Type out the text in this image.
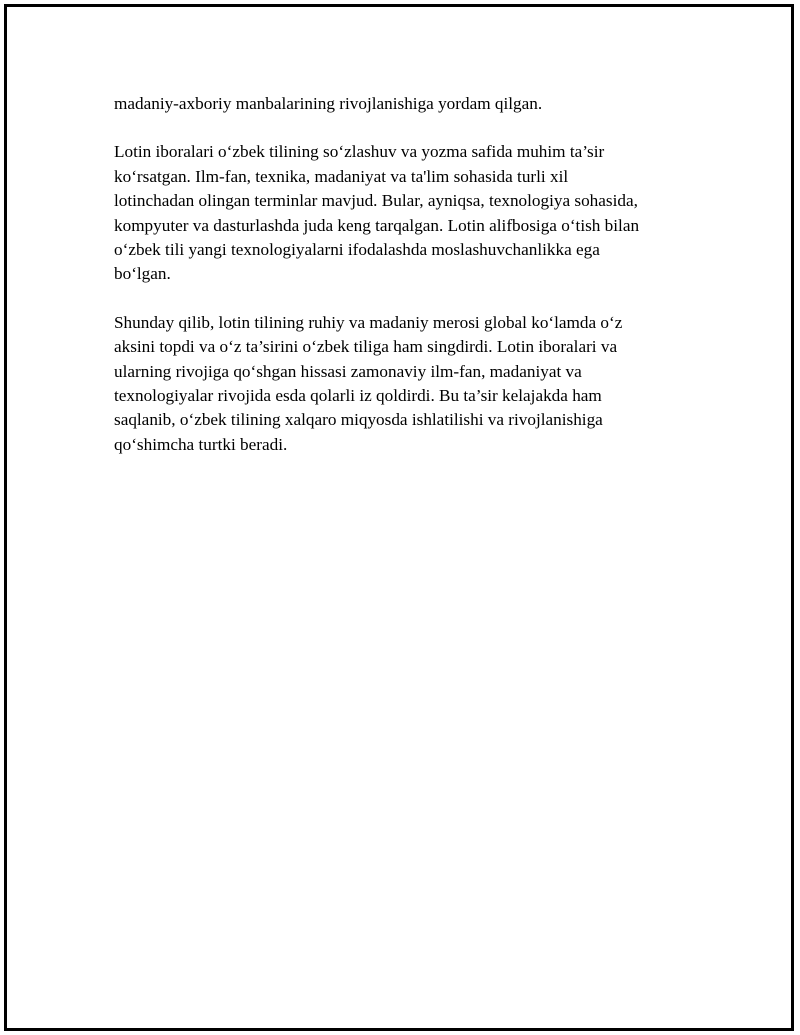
madaniy-axboriy manbalarining rivojlanishiga yordam qilgan.

Lotin iboralari o‘zbek tilining so‘zlashuv va yozma safida muhim ta’sir
ko‘rsatgan. Ilm-fan, texnika, madaniyat va ta'lim sohasida turli xil
lotinchadan olingan terminlar mavjud. Bular, ayniqsa, texnologiya sohasida,
kompyuter va dasturlashda juda keng tarqalgan. Lotin alifbosiga o‘tish bilan
o‘zbek tili yangi texnologiyalarni ifodalashda moslashuvchanlikka ega
bo‘lgan.

Shunday qilib, lotin tilining ruhiy va madaniy merosi global ko‘lamda o‘z
aksini topdi va o‘z ta’sirini o‘zbek tiliga ham singdirdi. Lotin iboralari va
ularning rivojiga qo‘shgan hissasi zamonaviy ilm-fan, madaniyat va
texnologiyalar rivojida esda qolarli iz qoldirdi. Bu ta’sir kelajakda ham
saqlanib, o‘zbek tilining xalqaro miqyosda ishlatilishi va rivojlanishiga
qo‘shimcha turtki beradi.
